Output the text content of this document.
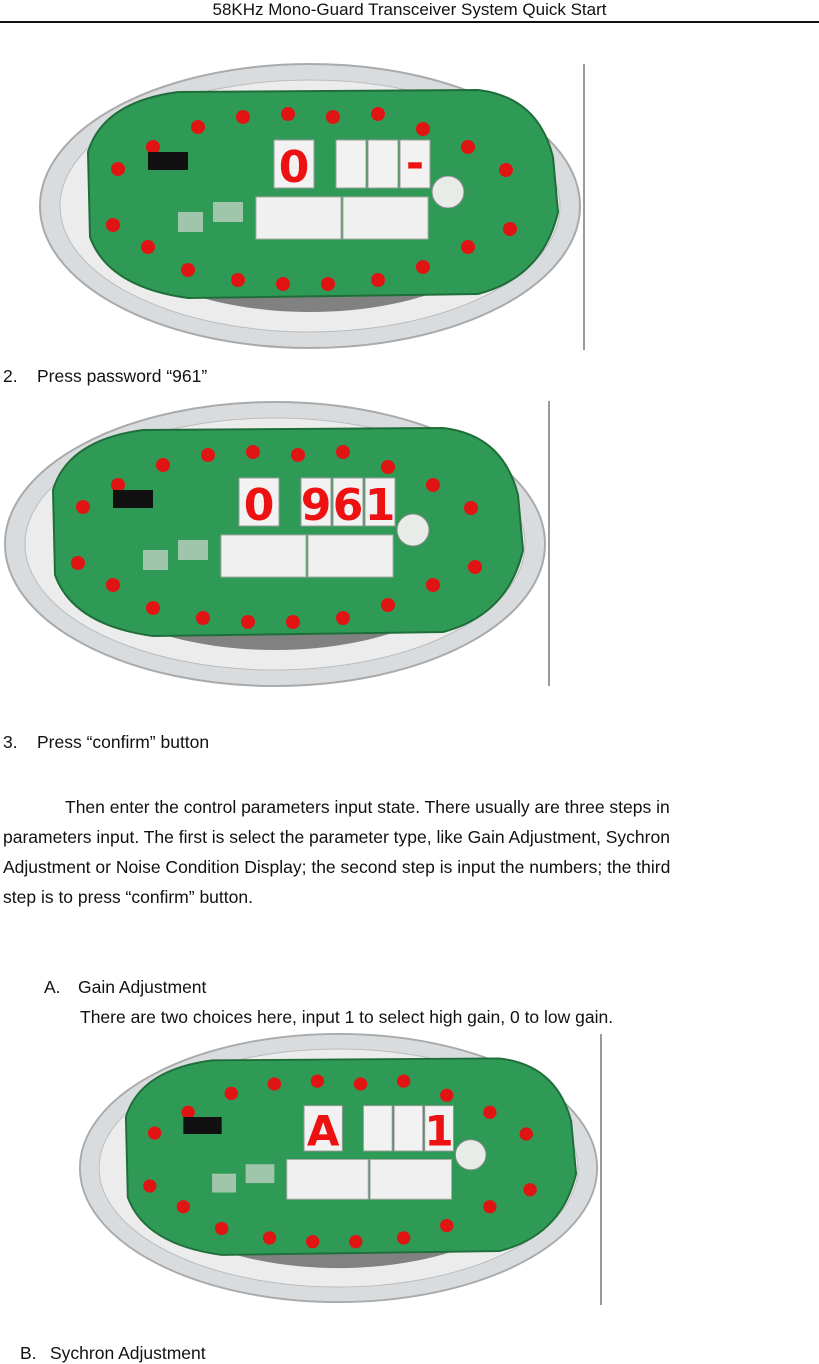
58KHz Mono-Guard Transceiver System Quick Start
0 -
2. Press password “961”
0 9 6 1
3. Press “confirm” button
Then enter the control parameters input state. There usually are three steps in
parameters input. The first is select the parameter type, like Gain Adjustment, Sychron
Adjustment or Noise Condition Display; the second step is input the numbers; the third
step is to press “confirm” button.
A. Gain Adjustment
There are two choices here, input 1 to select high gain, 0 to low gain.
A 1
B. Sychron Adjustment
